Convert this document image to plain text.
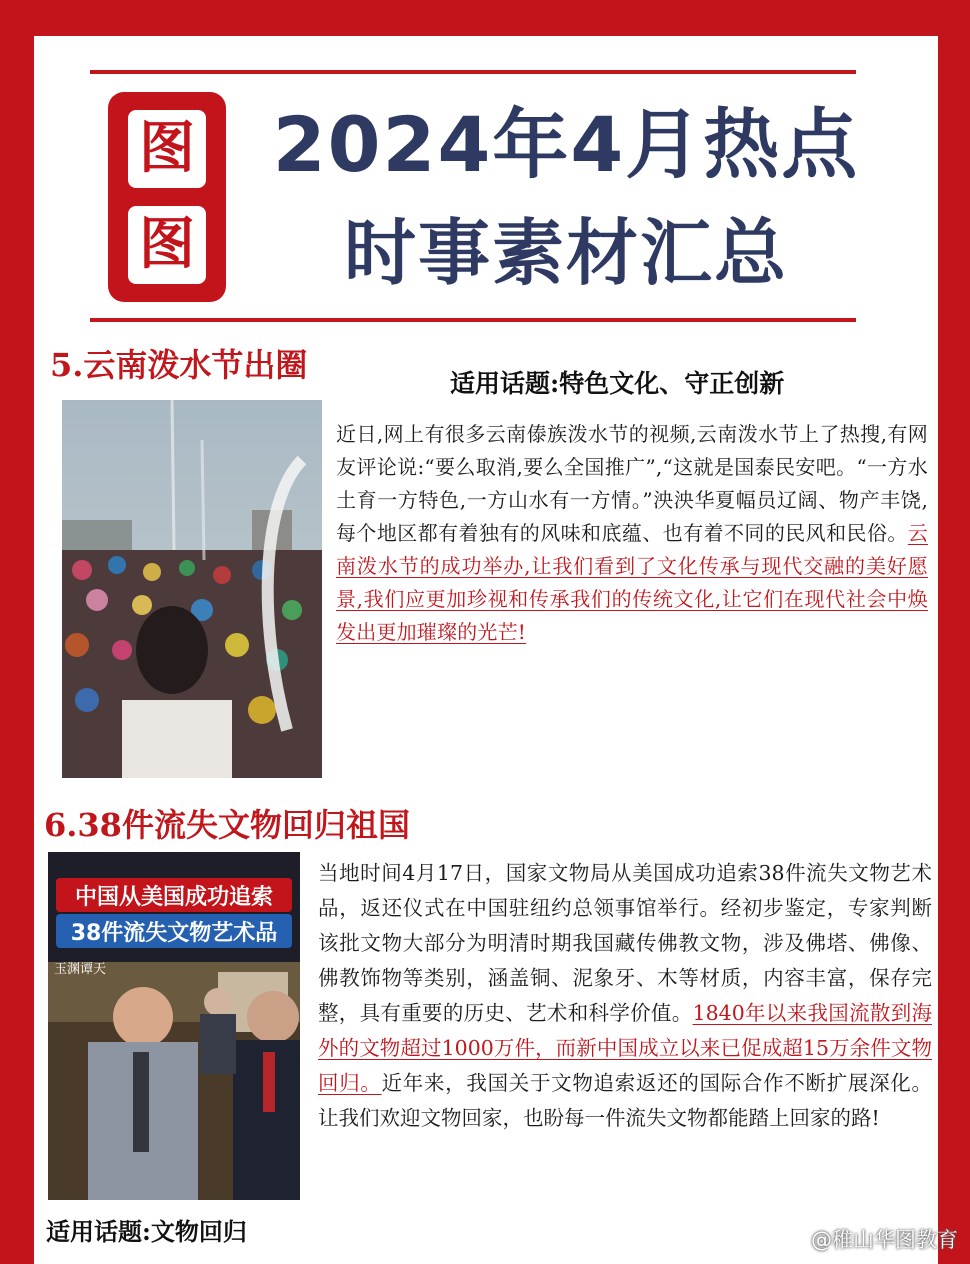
图
图
2024年4月热点
时事素材汇总
5.云南泼水节出圈	适用话题:特色文化、守正创新
近日,网上有很多云南傣族泼水节的视频,云南泼水节上了热搜,有网友评论说:“要么取消,要么全国推广”,“这就是国泰民安吧。“一方水土育一方特色,一方山水有一方情。”泱泱华夏幅员辽阔、物产丰饶,每个地区都有着独有的风味和底蕴、也有着不同的民风和民俗。云南泼水节的成功举办,让我们看到了文化传承与现代交融的美好愿景,我们应更加珍视和传承我们的传统文化,让它们在现代社会中焕发出更加璀璨的光芒!
6.38件流失文物回归祖国
中国从美国成功追索
38件流失文物艺术品
玉渊谭天
当地时间4月17日，国家文物局从美国成功追索38件流失文物艺术品，返还仪式在中国驻纽约总领事馆举行。经初步鉴定，专家判断该批文物大部分为明清时期我国藏传佛教文物，涉及佛塔、佛像、佛教饰物等类别，涵盖铜、泥象牙、木等材质，内容丰富，保存完整，具有重要的历史、艺术和科学价值。1840年以来我国流散到海外的文物超过1000万件，而新中国成立以来已促成超15万余件文物回归。近年来，我国关于文物追索返还的国际合作不断扩展深化。让我们欢迎文物回家，也盼每一件流失文物都能踏上回家的路!
适用话题:文物回归	@稚山华图教育
